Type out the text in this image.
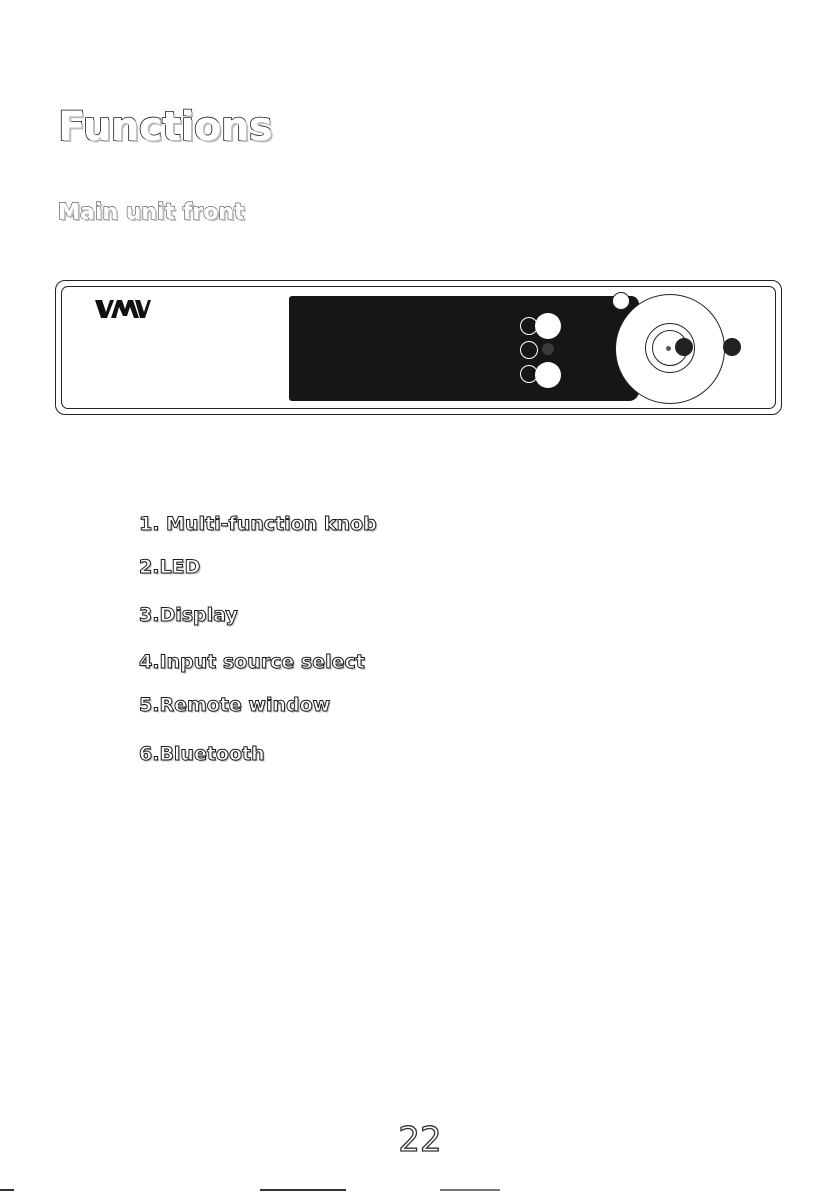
Functions
Main unit front
1. Multi-function knob
2.LED
3.Display
4.Input source select
5.Remote window
6.Bluetooth
22
